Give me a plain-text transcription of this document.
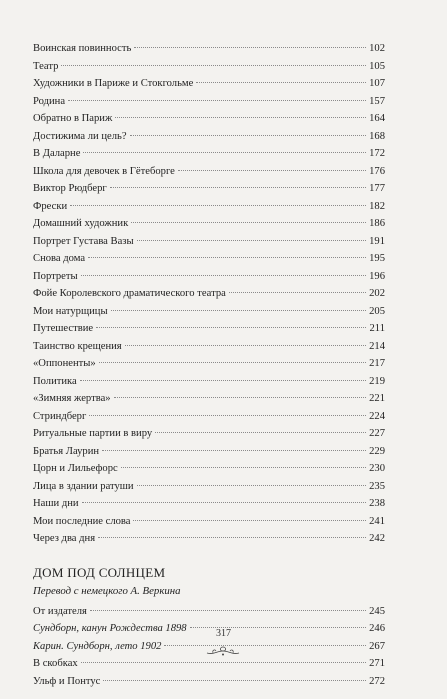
Воинская повинность	102
Театр	105
Художники в Париже и Стокгольме	107
Родина	157
Обратно в Париж	164
Достижима ли цель?	168
В Даларне	172
Школа для девочек в Гётеборге	176
Виктор Рюдберг	177
Фрески	182
Домашний художник	186
Портрет Густава Вазы	191
Снова дома	195
Портреты	196
Фойе Королевского драматического театра	202
Мои натурщицы	205
Путешествие	211
Таинство крещения	214
«Оппоненты»	217
Политика	219
«Зимняя жертва»	221
Стриндберг	224
Ритуальные партии в виру	227
Братья Лаурин	229
Цорн и Лильефорс	230
Лица в здании ратуши	235
Наши дни	238
Мои последние слова	241
Через два дня	242
ДОМ ПОД СОЛНЦЕМ
Перевод с немецкого А. Веркина
От издателя	245
Сундборн, канун Рождества 1898	246
Карин. Сундборн, лето 1902	267
В скобках	271
Ульф и Понтус	272
317
